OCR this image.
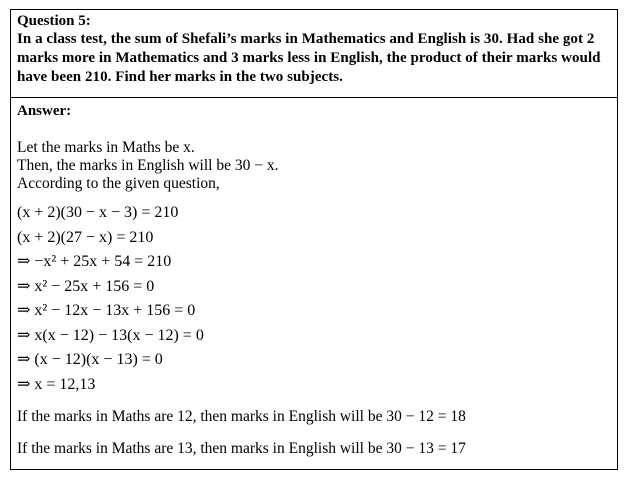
Question 5:
In a class test, the sum of Shefali’s marks in Mathematics and English is 30. Had she got 2 marks more in Mathematics and 3 marks less in English, the product of their marks would have been 210. Find her marks in the two subjects.
Answer:
Let the marks in Maths be x.
Then, the marks in English will be 30 − x.
According to the given question,
(x + 2)(30 − x − 3) = 210
(x + 2)(27 − x) = 210
⇒ −x² + 25x + 54 = 210
⇒ x² − 25x + 156 = 0
⇒ x² − 12x − 13x + 156 = 0
⇒ x(x − 12) − 13(x − 12) = 0
⇒ (x − 12)(x − 13) = 0
⇒ x = 12,13
If the marks in Maths are 12, then marks in English will be 30 − 12 = 18
If the marks in Maths are 13, then marks in English will be 30 − 13 = 17
